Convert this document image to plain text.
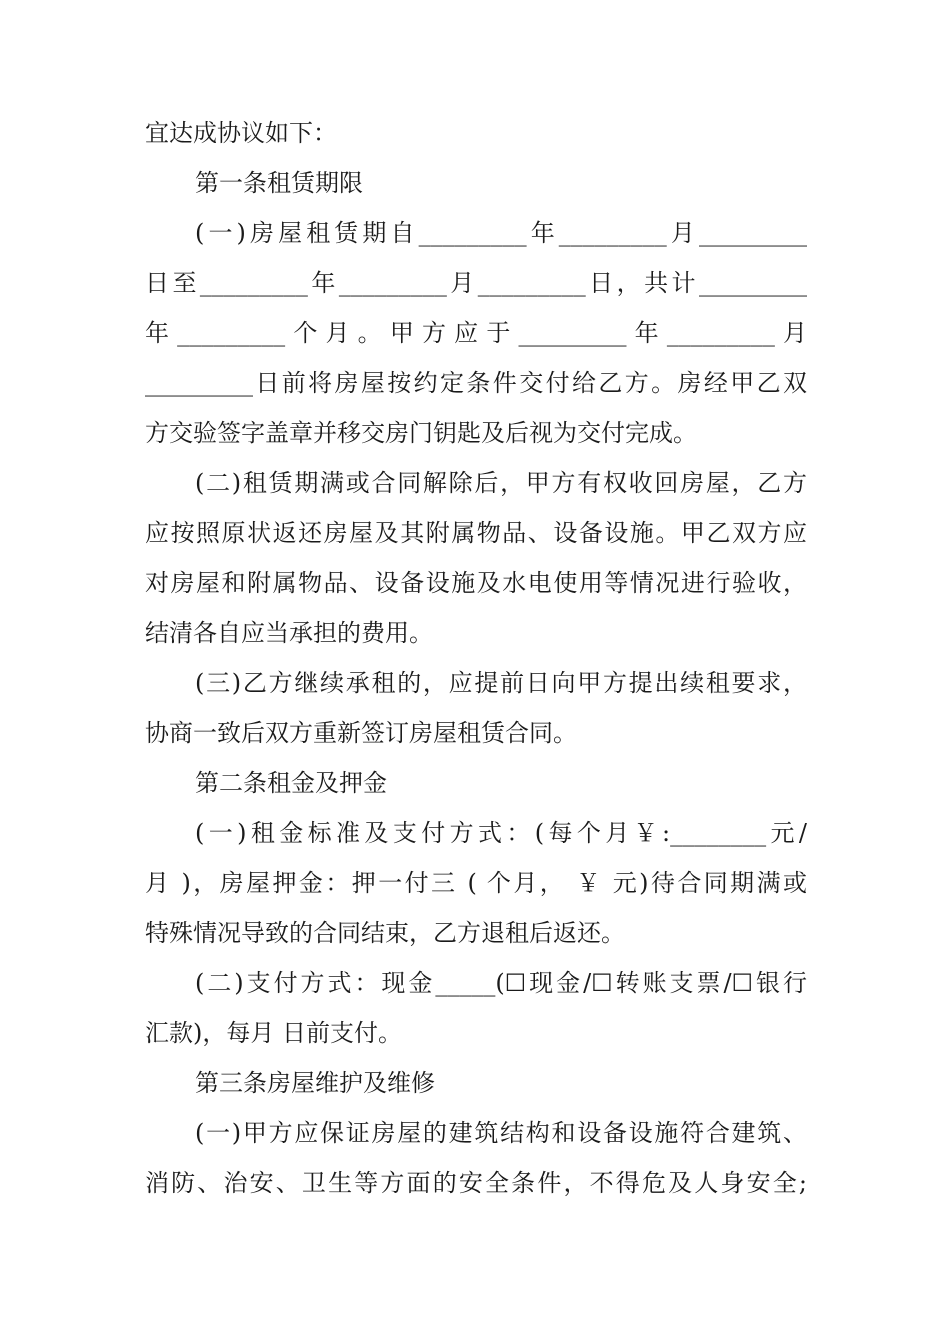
宜达成协议如下：
第一条租赁期限
(一)房屋租赁期自_________年_________月_________
日至_________年_________月_________日，共计_________
年_________个月。甲方应于_________年_________月
_________日前将房屋按约定条件交付给乙方。房经甲乙双
方交验签字盖章并移交房门钥匙及后视为交付完成。
(二)租赁期满或合同解除后，甲方有权收回房屋，乙方
应按照原状返还房屋及其附属物品、设备设施。甲乙双方应
对房屋和附属物品、设备设施及水电使用等情况进行验收，
结清各自应当承担的费用。
(三)乙方继续承租的，应提前日向甲方提出续租要求，
协商一致后双方重新签订房屋租赁合同。
第二条租金及押金
(一)租金标准及支付方式：(每个月￥:________元/
月 )，房屋押金：押一付三 ( 个月， ￥ 元)待合同期满或
特殊情况导致的合同结束，乙方退租后返还。
(二)支付方式：现金_____(☐现金/☐转账支票/☐银行
汇款)，每月 日前支付。
第三条房屋维护及维修
(一)甲方应保证房屋的建筑结构和设备设施符合建筑、
消防、治安、卫生等方面的安全条件，不得危及人身安全;
